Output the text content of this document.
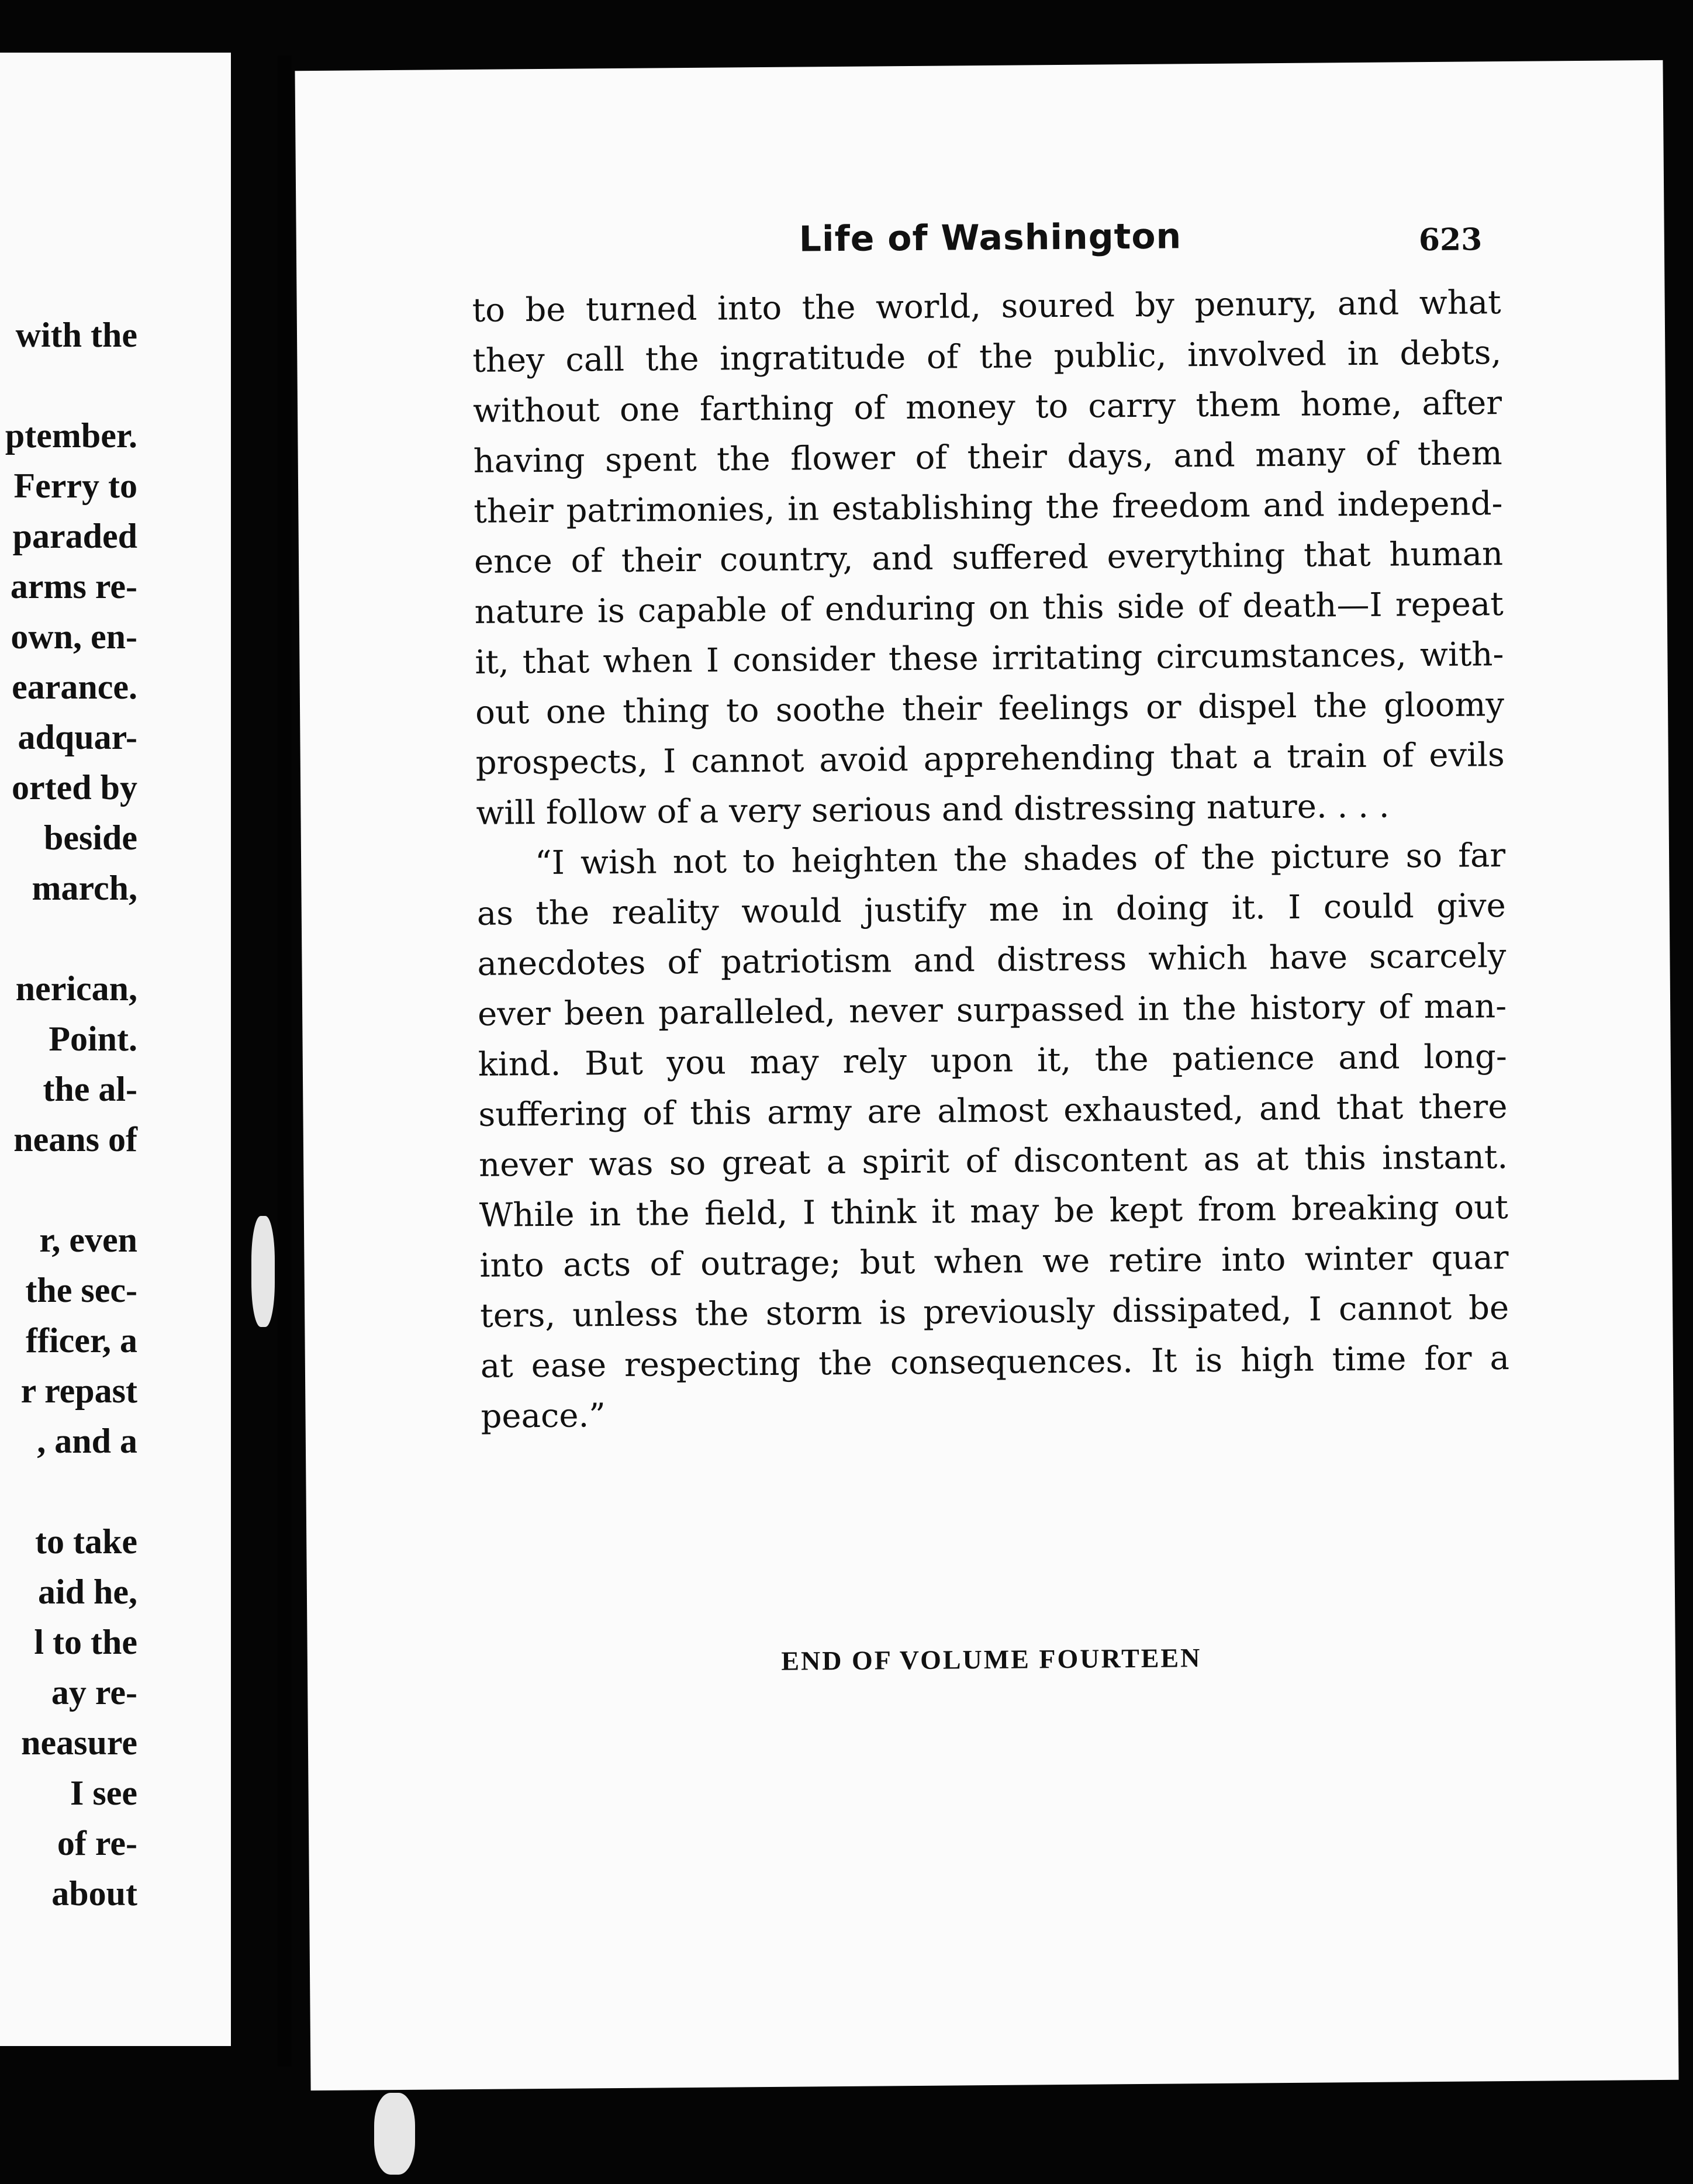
with the
ptember.
Ferry to
paraded
arms re-
own, en-
earance.
adquar-
orted by
beside
march,
nerican,
Point.
the al-
neans of
r, even
the sec-
fficer, a
r repast
, and a
to take
aid he,
l to the
ay re-
neasure
I see
of re-
about
Life of Washington	623
to be turned into the world, soured by penury, and what
they call the ingratitude of the public, involved in debts,
without one farthing of money to carry them home, after
having spent the flower of their days, and many of them
their patrimonies, in establishing the freedom and independ-
ence of their country, and suffered everything that human
nature is capable of enduring on this side of death—I repeat
it, that when I consider these irritating circumstances, with-
out one thing to soothe their feelings or dispel the gloomy
prospects, I cannot avoid apprehending that a train of evils
will follow of a very serious and distressing nature. . . .
“I wish not to heighten the shades of the picture so far
as the reality would justify me in doing it. I could give
anecdotes of patriotism and distress which have scarcely
ever been paralleled, never surpassed in the history of man-
kind. But you may rely upon it, the patience and long-
suffering of this army are almost exhausted, and that there
never was so great a spirit of discontent as at this instant.
While in the field, I think it may be kept from breaking out
into acts of outrage; but when we retire into winter quar
ters, unless the storm is previously dissipated, I cannot be
at ease respecting the consequences. It is high time for a
peace.”
END OF VOLUME FOURTEEN
